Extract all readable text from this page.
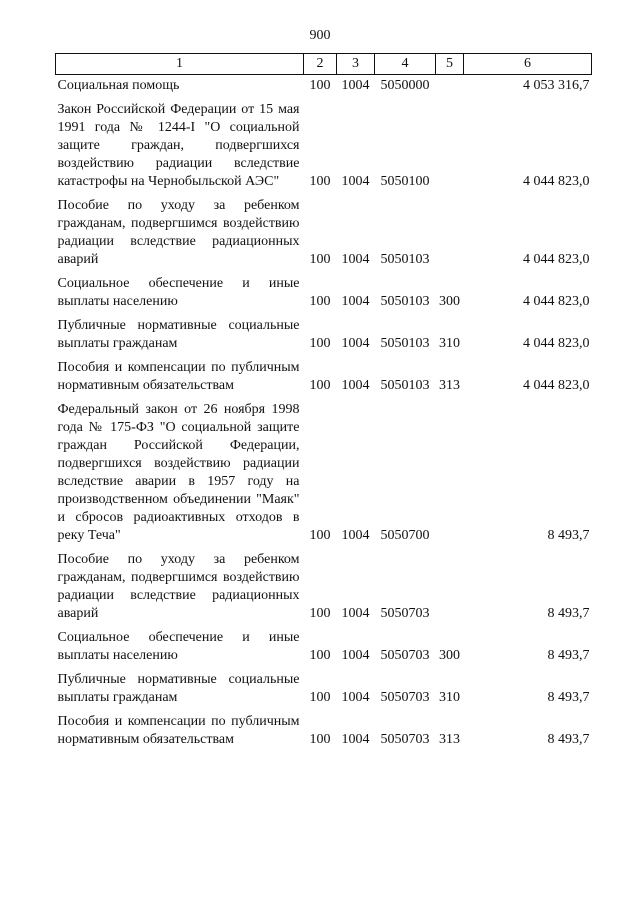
900
1	2	3	4	5	6
Социальная помощь	100	1004	5050000		4 053 316,7
Закон Российской Федерации от 15 мая 1991 года № 1244-I "О социальной защите граждан, подвергшихся воздействию радиации вследствие катастрофы на Чернобыльской АЭС"	100	1004	5050100		4 044 823,0
Пособие по уходу за ребенком гражданам, подвергшимся воздействию радиации вследствие радиационных аварий	100	1004	5050103		4 044 823,0
Социальное обеспечение и иные выплаты населению	100	1004	5050103	300	4 044 823,0
Публичные нормативные социальные выплаты гражданам	100	1004	5050103	310	4 044 823,0
Пособия и компенсации по публичным нормативным обязательствам	100	1004	5050103	313	4 044 823,0
Федеральный закон от 26 ноября 1998 года № 175-ФЗ "О социальной защите граждан Российской Федерации, подвергшихся воздействию радиации вследствие аварии в 1957 году на производственном объединении "Маяк" и сбросов радиоактивных отходов в реку Теча"	100	1004	5050700		8 493,7
Пособие по уходу за ребенком гражданам, подвергшимся воздействию радиации вследствие радиационных аварий	100	1004	5050703		8 493,7
Социальное обеспечение и иные выплаты населению	100	1004	5050703	300	8 493,7
Публичные нормативные социальные выплаты гражданам	100	1004	5050703	310	8 493,7
Пособия и компенсации по публичным нормативным обязательствам	100	1004	5050703	313	8 493,7
